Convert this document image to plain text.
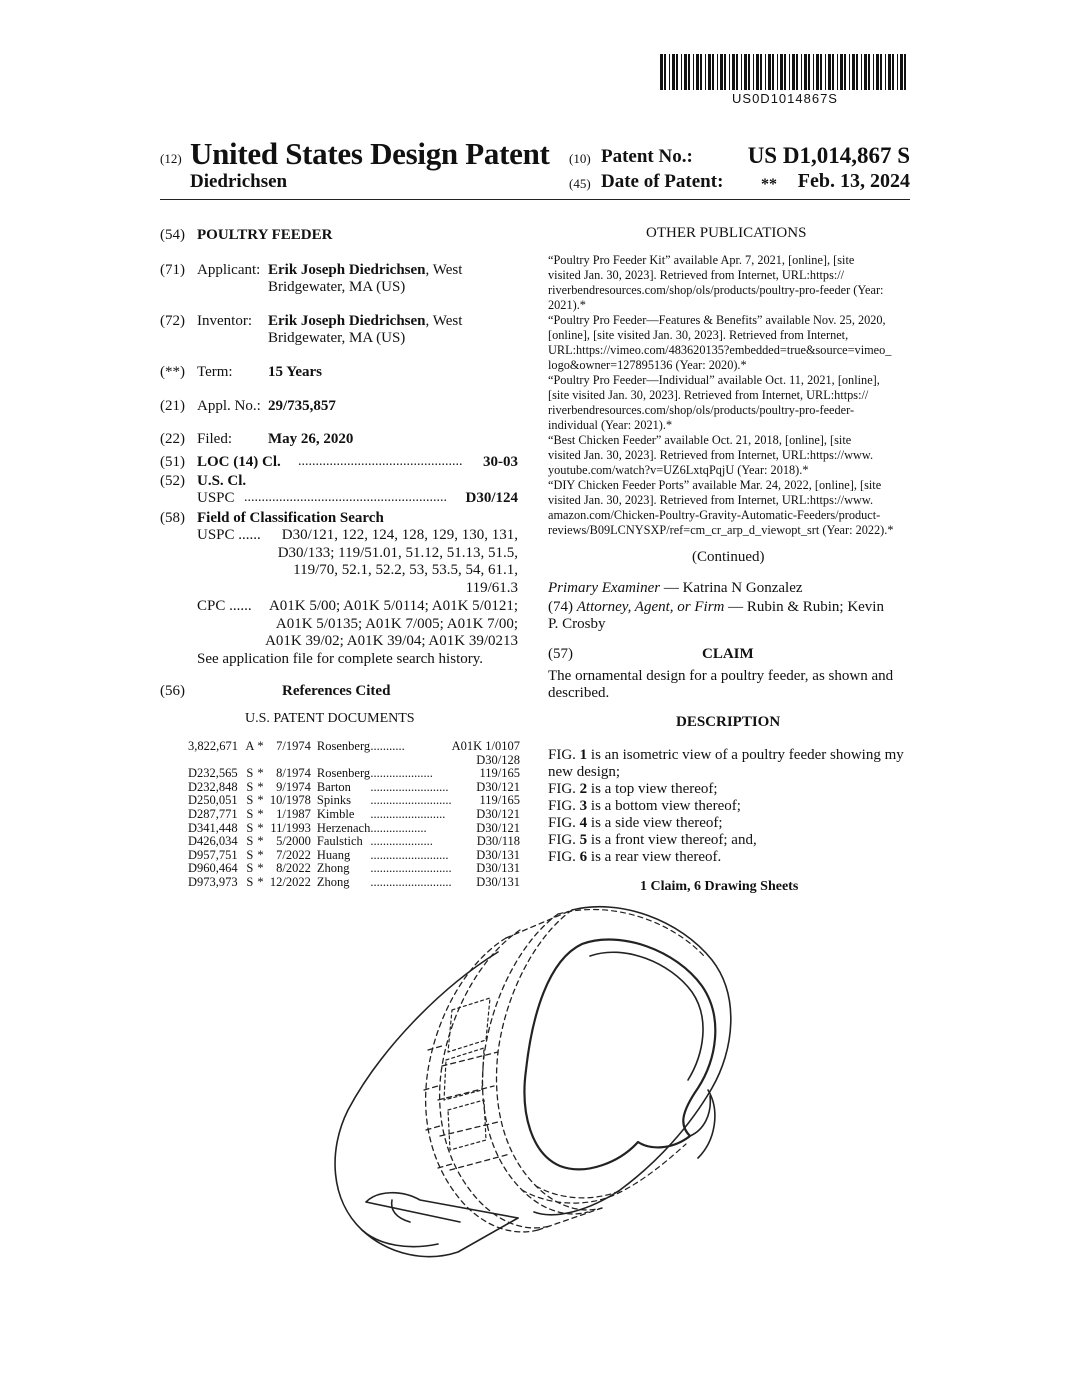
US0D1014867S
(12) United States Design Patent
Diedrichsen
(10) Patent No.:	US D1,014,867 S
(45) Date of Patent: **	Feb. 13, 2024
(54) POULTRY FEEDER
(71) Applicant: Erik Joseph Diedrichsen, West
Bridgewater, MA (US)
(72) Inventor: Erik Joseph Diedrichsen, West
Bridgewater, MA (US)
(**) Term: 15 Years
(21) Appl. No.: 29/735,857
(22) Filed: May 26, 2020
(51) LOC (14) Cl. ...............................................	30-03
(52) U.S. Cl.
USPC ..........................................................	D30/124
(58) Field of Classification Search
USPC ......	D30/121, 122, 124, 128, 129, 130, 131,
D30/133; 119/51.01, 51.12, 51.13, 51.5,
119/70, 52.1, 52.2, 53, 53.5, 54, 61.1,
119/61.3
CPC ......	A01K 5/00; A01K 5/0114; A01K 5/0121;
A01K 5/0135; A01K 7/005; A01K 7/00;
A01K 39/02; A01K 39/04; A01K 39/0213
See application file for complete search history.
(56)	References Cited
U.S. PATENT DOCUMENTS
3,822,671	A	*	7/1974	Rosenberg	...........	A01K 1/0107
D30/128						
D232,565	S	*	8/1974	Rosenberg	....................	119/165
D232,848	S	*	9/1974	Barton	.........................	D30/121
D250,051	S	*	10/1978	Spinks	..........................	119/165
D287,771	S	*	1/1987	Kimble	........................	D30/121
D341,448	S	*	11/1993	Herzenach	..................	D30/121
D426,034	S	*	5/2000	Faulstich	....................	D30/118
D957,751	S	*	7/2022	Huang	.........................	D30/131
D960,464	S	*	8/2022	Zhong	..........................	D30/131
D973,973	S	*	12/2022	Zhong	..........................	D30/131
OTHER PUBLICATIONS

“Poultry Pro Feeder Kit” available Apr. 7, 2021, [online], [site

visited Jan. 30, 2023]. Retrieved from Internet, URL:https://

riverbendresources.com/shop/ols/products/poultry-pro-feeder (Year:

2021).*

“Poultry Pro Feeder—Features & Benefits” available Nov. 25, 2020,

[online], [site visited Jan. 30, 2023]. Retrieved from Internet,

URL:https://vimeo.com/483620135?embedded=true&source=vimeo_

logo&owner=127895136 (Year: 2020).*

“Poultry Pro Feeder—Individual” available Oct. 11, 2021, [online],

[site visited Jan. 30, 2023]. Retrieved from Internet, URL:https://

riverbendresources.com/shop/ols/products/poultry-pro-feeder-

individual (Year: 2021).*

“Best Chicken Feeder” available Oct. 21, 2018, [online], [site

visited Jan. 30, 2023]. Retrieved from Internet, URL:https://www.

youtube.com/watch?v=UZ6LxtqPqjU (Year: 2018).*

“DIY Chicken Feeder Ports” available Mar. 24, 2022, [online], [site

visited Jan. 30, 2023]. Retrieved from Internet, URL:https://www.

amazon.com/Chicken-Poultry-Gravity-Automatic-Feeders/product-

reviews/B09LCNYSXP/ref=cm_cr_arp_d_viewopt_srt (Year: 2022).*

(Continued)
Primary Examiner — Katrina N Gonzalez
(74) Attorney, Agent, or Firm — Rubin & Rubin; Kevin
P. Crosby
(57)	CLAIM
The ornamental design for a poultry feeder, as shown and
described.
DESCRIPTION

FIG. 1 is an isometric view of a poultry feeder showing my
new design;

FIG. 2 is a top view thereof;

FIG. 3 is a bottom view thereof;

FIG. 4 is a side view thereof;

FIG. 5 is a front view thereof; and,

FIG. 6 is a rear view thereof.

1 Claim, 6 Drawing Sheets
